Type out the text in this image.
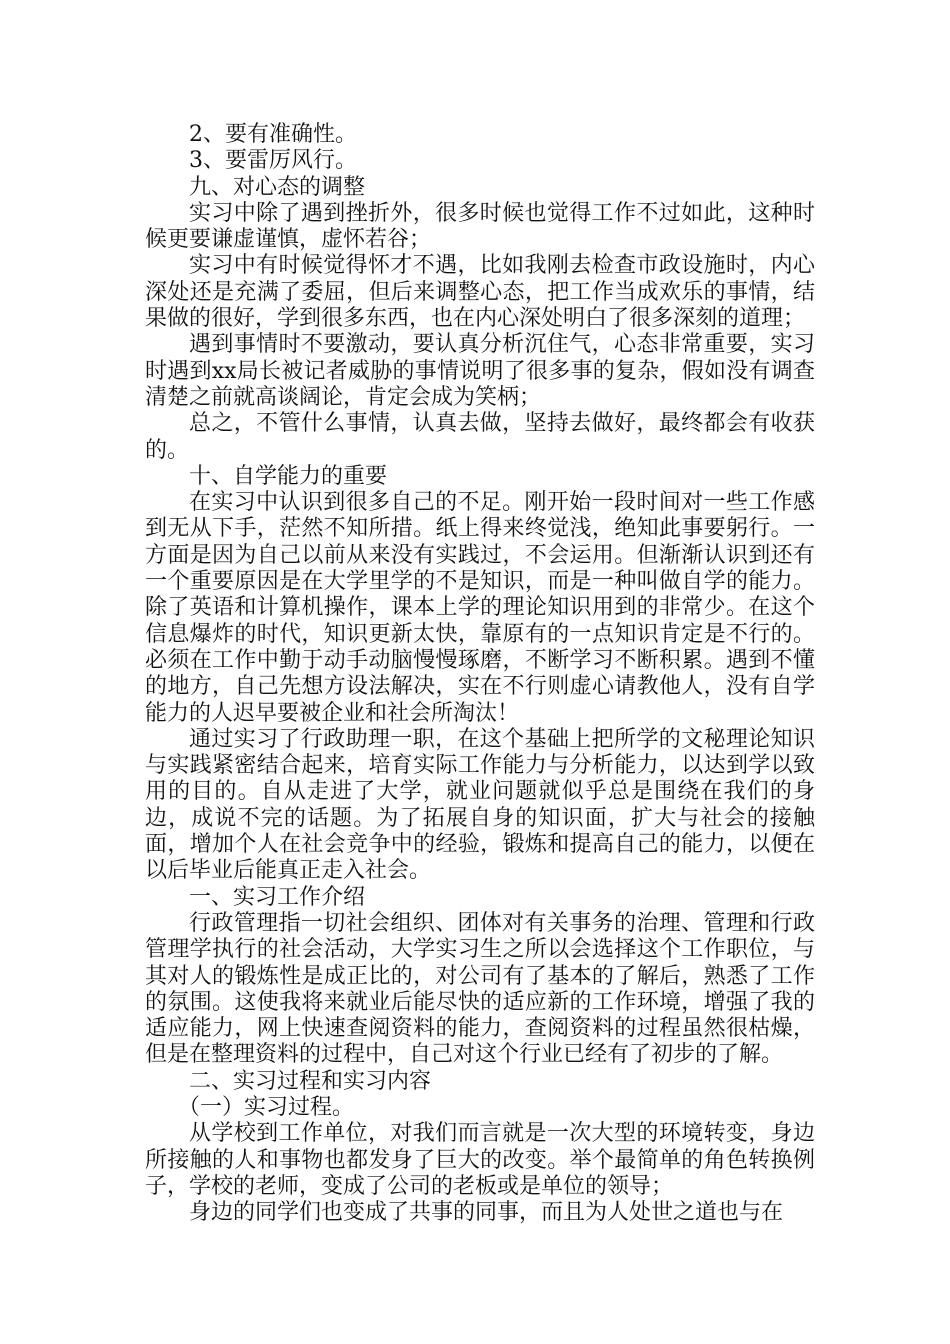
2、要有准确性。

3、要雷厉风行。

九、对心态的调整

实习中除了遇到挫折外，很多时候也觉得工作不过如此，这种时候更要谦虚谨慎，虚怀若谷；

实习中有时候觉得怀才不遇，比如我刚去检查市政设施时，内心深处还是充满了委屈，但后来调整心态，把工作当成欢乐的事情，结果做的很好，学到很多东西，也在内心深处明白了很多深刻的道理；

遇到事情时不要激动，要认真分析沉住气，心态非常重要，实习时遇到xx局长被记者威胁的事情说明了很多事的复杂，假如没有调查清楚之前就高谈阔论，肯定会成为笑柄；

总之，不管什么事情，认真去做，坚持去做好，最终都会有收获的。

十、自学能力的重要

在实习中认识到很多自己的不足。刚开始一段时间对一些工作感到无从下手，茫然不知所措。纸上得来终觉浅，绝知此事要躬行。一方面是因为自己以前从来没有实践过，不会运用。但渐渐认识到还有一个重要原因是在大学里学的不是知识，而是一种叫做自学的能力。除了英语和计算机操作，课本上学的理论知识用到的非常少。在这个信息爆炸的时代，知识更新太快，靠原有的一点知识肯定是不行的。必须在工作中勤于动手动脑慢慢琢磨，不断学习不断积累。遇到不懂的地方，自己先想方设法解决，实在不行则虚心请教他人，没有自学能力的人迟早要被企业和社会所淘汰！

通过实习了行政助理一职，在这个基础上把所学的文秘理论知识与实践紧密结合起来，培育实际工作能力与分析能力，以达到学以致用的目的。自从走进了大学，就业问题就似乎总是围绕在我们的身边，成说不完的话题。为了拓展自身的知识面，扩大与社会的接触面，增加个人在社会竞争中的经验，锻炼和提高自己的能力，以便在以后毕业后能真正走入社会。

一、实习工作介绍

行政管理指一切社会组织、团体对有关事务的治理、管理和行政管理学执行的社会活动，大学实习生之所以会选择这个工作职位，与其对人的锻炼性是成正比的，对公司有了基本的了解后，熟悉了工作的氛围。这使我将来就业后能尽快的适应新的工作环境，增强了我的适应能力，网上快速查阅资料的能力，查阅资料的过程虽然很枯燥，但是在整理资料的过程中，自己对这个行业已经有了初步的了解。

二、实习过程和实习内容

（一）实习过程。

从学校到工作单位，对我们而言就是一次大型的环境转变，身边所接触的人和事物也都发身了巨大的改变。举个最简单的角色转换例子，学校的老师，变成了公司的老板或是单位的领导；

身边的同学们也变成了共事的同事，而且为人处世之道也与在
